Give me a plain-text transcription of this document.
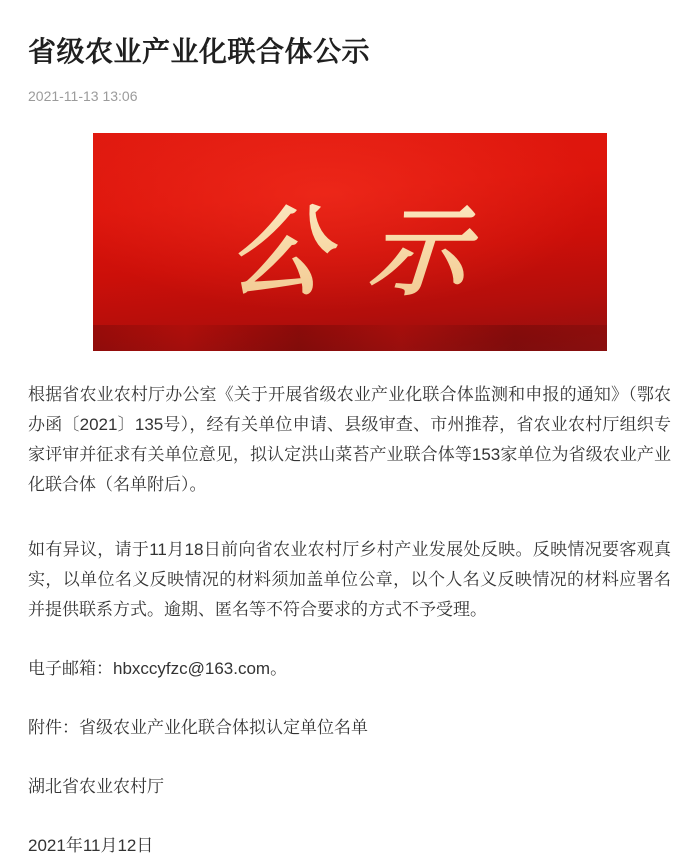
省级农业产业化联合体公示
2021-11-13 13:06
公示

根据省农业农村厅办公室《关于开展省级农业产业化联合体监测和申报的通知》（鄂农办函〔2021〕135号），经有关单位申请、县级审查、市州推荐，省农业农村厅组织专家评审并征求有关单位意见，拟认定洪山菜苔产业联合体等153家单位为省级农业产业化联合体（名单附后）。

如有异议，请于11月18日前向省农业农村厅乡村产业发展处反映。反映情况要客观真实，以单位名义反映情况的材料须加盖单位公章，以个人名义反映情况的材料应署名并提供联系方式。逾期、匿名等不符合要求的方式不予受理。

电子邮箱：hbxccyfzc@163.com。

附件：省级农业产业化联合体拟认定单位名单

湖北省农业农村厅

2021年11月12日
